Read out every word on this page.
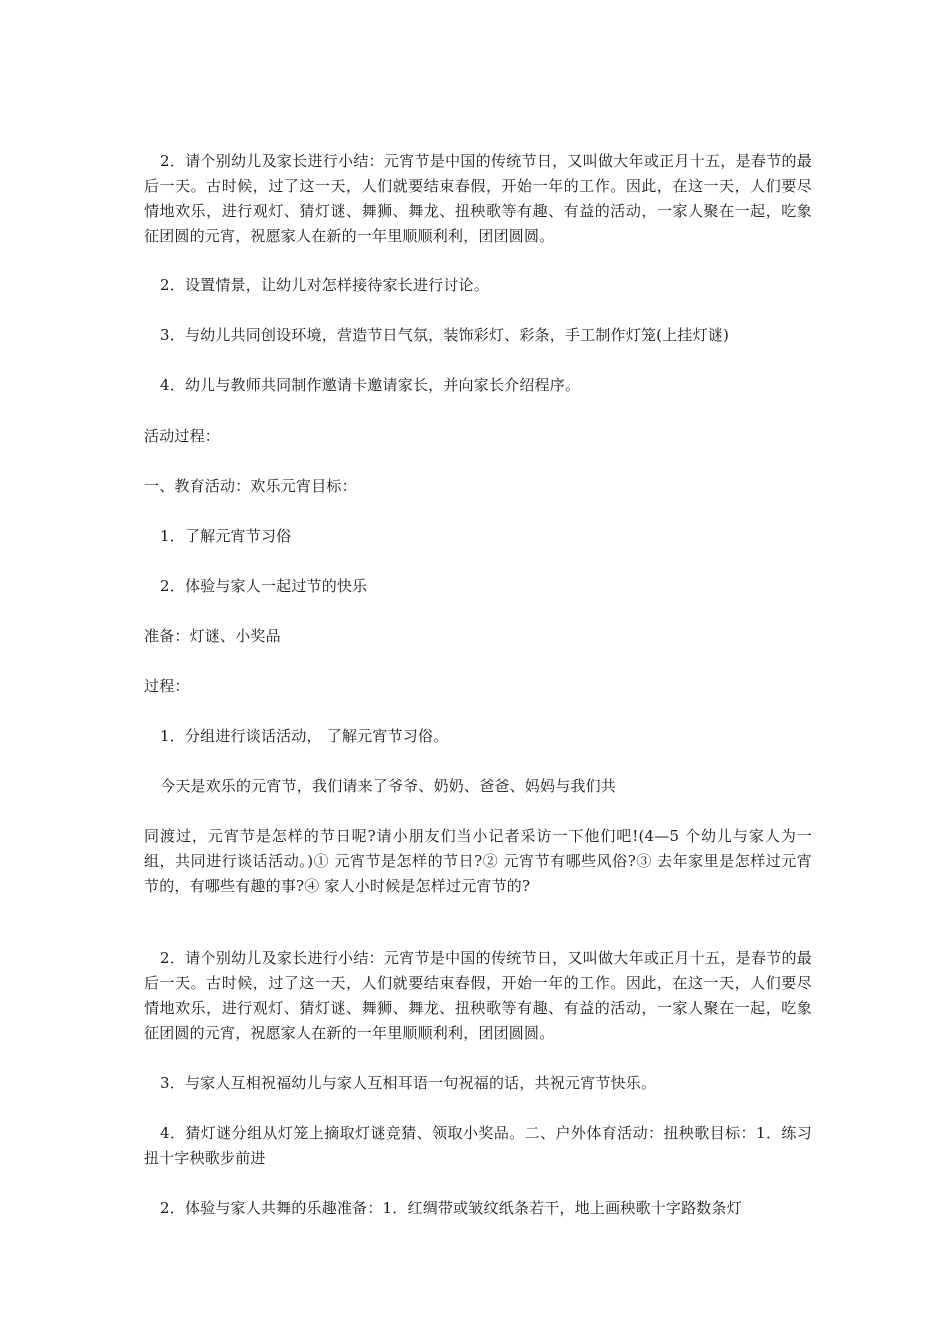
2．请个别幼儿及家长进行小结：元宵节是中国的传统节日，又叫做大年或正月十五，是春节的最后一天。古时候，过了这一天，人们就要结束春假，开始一年的工作。因此，在这一天，人们要尽情地欢乐，进行观灯、猜灯谜、舞狮、舞龙、扭秧歌等有趣、有益的活动，一家人聚在一起，吃象征团圆的元宵，祝愿家人在新的一年里顺顺利利，团团圆圆。

2．设置情景，让幼儿对怎样接待家长进行讨论。

3．与幼儿共同创设环境，营造节日气氛，装饰彩灯、彩条，手工制作灯笼(上挂灯谜)

4．幼儿与教师共同制作邀请卡邀请家长，并向家长介绍程序。

活动过程：

一、教育活动：欢乐元宵目标：

1．了解元宵节习俗

2．体验与家人一起过节的快乐

准备：灯谜、小奖品

过程：

1．分组进行谈话活动， 了解元宵节习俗。

今天是欢乐的元宵节，我们请来了爷爷、奶奶、爸爸、妈妈与我们共

同渡过，元宵节是怎样的节日呢?请小朋友们当小记者采访一下他们吧!(4—5 个幼儿与家人为一组，共同进行谈话活动。)① 元宵节是怎样的节日?② 元宵节有哪些风俗?③ 去年家里是怎样过元宵节的，有哪些有趣的事?④ 家人小时候是怎样过元宵节的?

2．请个别幼儿及家长进行小结：元宵节是中国的传统节日，又叫做大年或正月十五，是春节的最后一天。古时候，过了这一天，人们就要结束春假，开始一年的工作。因此，在这一天，人们要尽情地欢乐，进行观灯、猜灯谜、舞狮、舞龙、扭秧歌等有趣、有益的活动，一家人聚在一起，吃象征团圆的元宵，祝愿家人在新的一年里顺顺利利，团团圆圆。

3．与家人互相祝福幼儿与家人互相耳语一句祝福的话，共祝元宵节快乐。

4．猜灯谜分组从灯笼上摘取灯谜竞猜、领取小奖品。二、户外体育活动：扭秧歌目标：1．练习扭十字秧歌步前进

2．体验与家人共舞的乐趣准备：1．红绸带或皱纹纸条若干，地上画秧歌十字路数条灯
